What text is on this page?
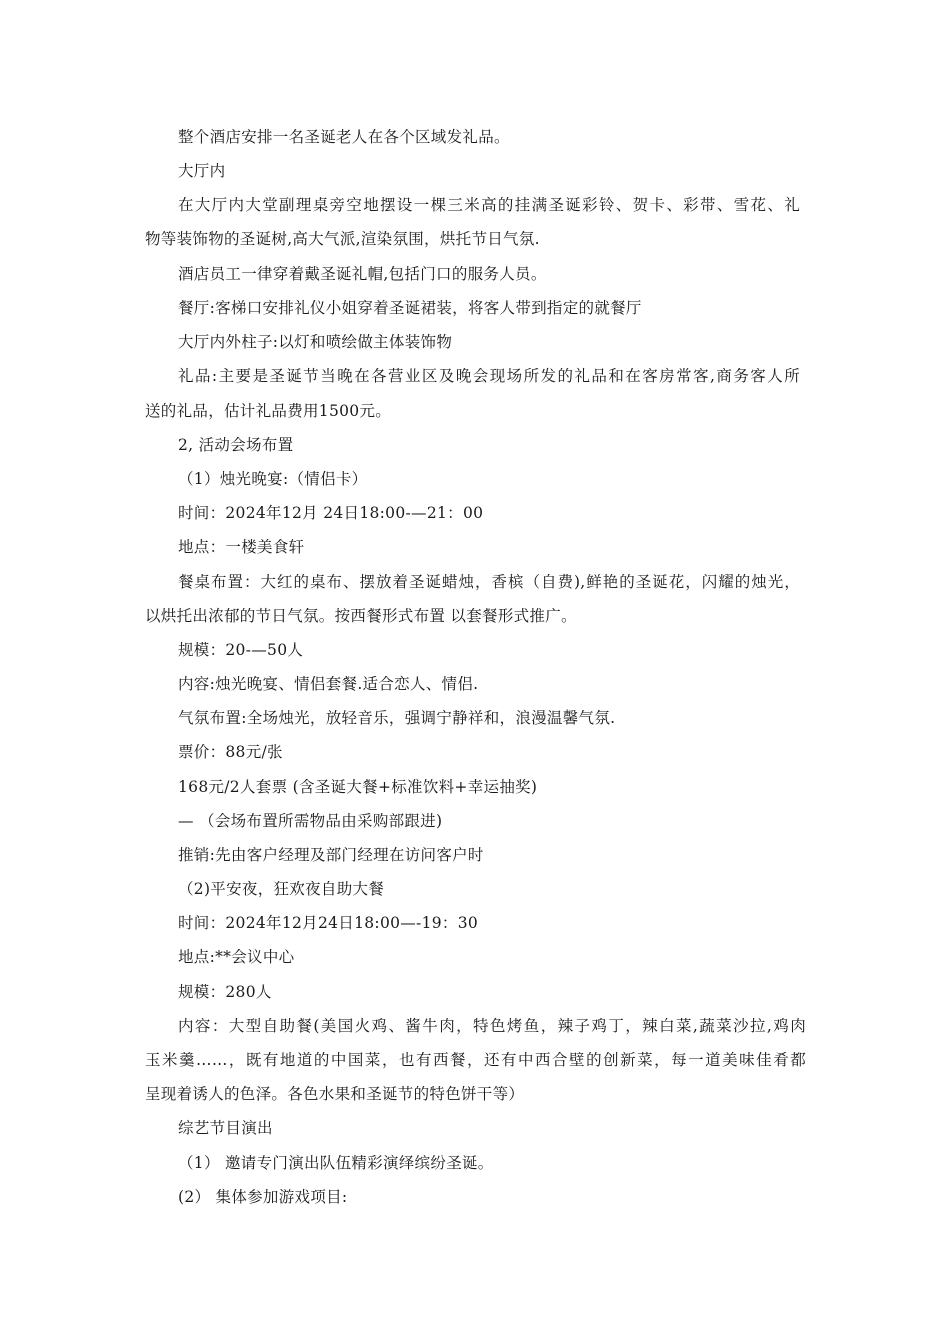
整个酒店安排一名圣诞老人在各个区域发礼品。
大厅内
在大厅内大堂副理桌旁空地摆设一棵三米高的挂满圣诞彩铃、贺卡、彩带、雪花、礼
物等装饰物的圣诞树,高大气派,渲染氛围，烘托节日气氛.
酒店员工一律穿着戴圣诞礼帽,包括门口的服务人员。
餐厅:客梯口安排礼仪小姐穿着圣诞裙装，将客人带到指定的就餐厅
大厅内外柱子:以灯和喷绘做主体装饰物
礼品:主要是圣诞节当晚在各营业区及晚会现场所发的礼品和在客房常客,商务客人所
送的礼品，估计礼品费用1500元。
2, 活动会场布置
（1）烛光晚宴:（情侣卡）
时间：2024年12月 24日18:00-—21：00
地点：一楼美食轩
餐桌布置：大红的桌布、摆放着圣诞蜡烛，香槟（自费),鲜艳的圣诞花，闪耀的烛光，
以烘托出浓郁的节日气氛。按西餐形式布置 以套餐形式推广。
规模：20-—50人
内容:烛光晚宴、情侣套餐.适合恋人、情侣.
气氛布置:全场烛光，放轻音乐，强调宁静祥和，浪漫温馨气氛.
票价：88元/张
168元/2人套票 (含圣诞大餐+标准饮料+幸运抽奖)
— （会场布置所需物品由采购部跟进)
推销:先由客户经理及部门经理在访问客户时
（2)平安夜，狂欢夜自助大餐
时间：2024年12月24日18:00—-19：30
地点:**会议中心
规模：280人
内容：大型自助餐(美国火鸡、酱牛肉，特色烤鱼，辣子鸡丁，辣白菜,蔬菜沙拉,鸡肉
玉米羹……，既有地道的中国菜，也有西餐，还有中西合壁的创新菜，每一道美味佳肴都
呈现着诱人的色泽。各色水果和圣诞节的特色饼干等）
综艺节目演出
（1） 邀请专门演出队伍精彩演绎缤纷圣诞。
(2） 集体参加游戏项目:
